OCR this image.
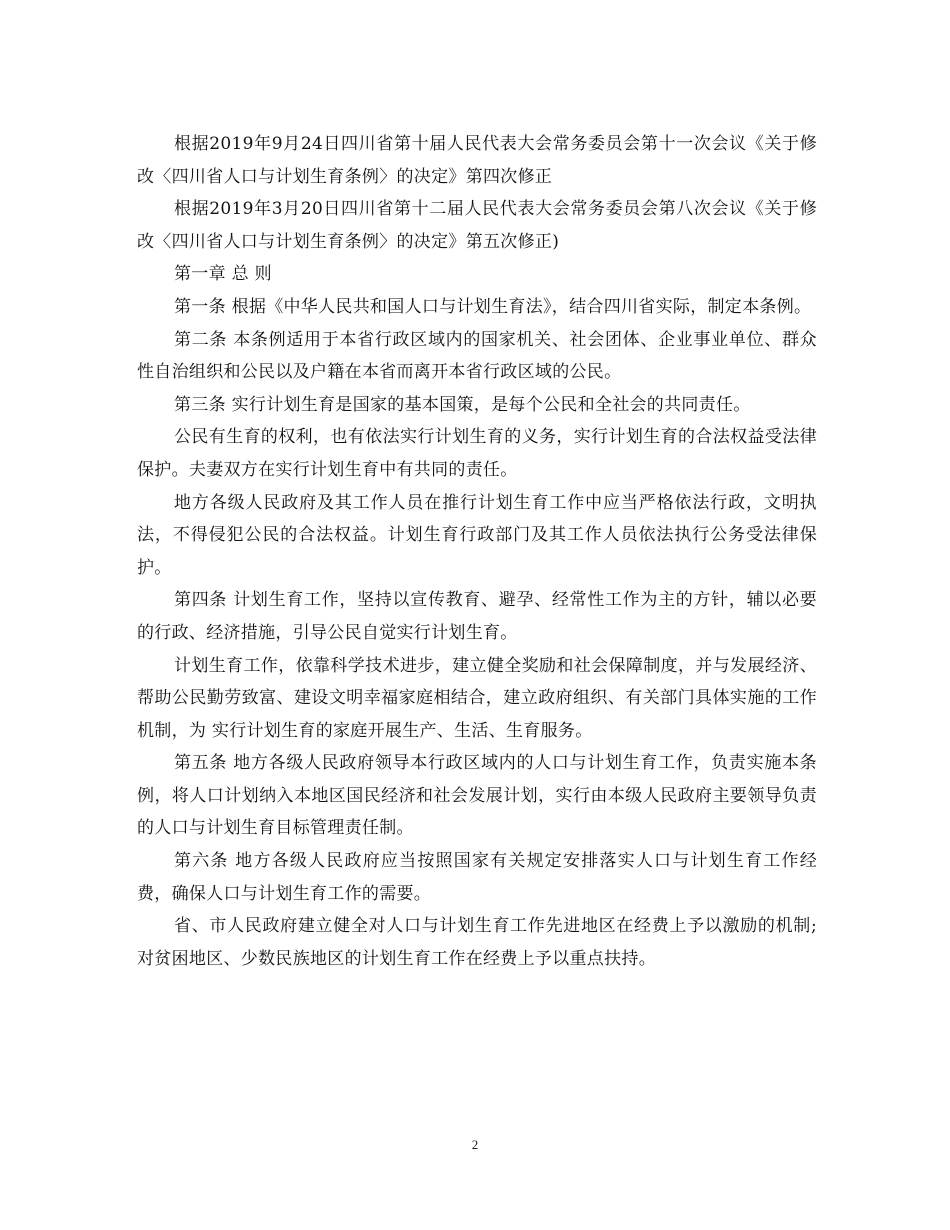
根据2019年9月24日四川省第十届人民代表大会常务委员会第十一次会议《关于修改〈四川省人口与计划生育条例〉的决定》第四次修正

根据2019年3月20日四川省第十二届人民代表大会常务委员会第八次会议《关于修改〈四川省人口与计划生育条例〉的决定》第五次修正)

第一章 总 则

第一条 根据《中华人民共和国人口与计划生育法》，结合四川省实际，制定本条例。

第二条 本条例适用于本省行政区域内的国家机关、社会团体、企业事业单位、群众性自治组织和公民以及户籍在本省而离开本省行政区域的公民。

第三条 实行计划生育是国家的基本国策，是每个公民和全社会的共同责任。

公民有生育的权利，也有依法实行计划生育的义务，实行计划生育的合法权益受法律保护。夫妻双方在实行计划生育中有共同的责任。

地方各级人民政府及其工作人员在推行计划生育工作中应当严格依法行政，文明执法，不得侵犯公民的合法权益。计划生育行政部门及其工作人员依法执行公务受法律保护。

第四条 计划生育工作，坚持以宣传教育、避孕、经常性工作为主的方针，辅以必要的行政、经济措施，引导公民自觉实行计划生育。

计划生育工作，依靠科学技术进步，建立健全奖励和社会保障制度，并与发展经济、帮助公民勤劳致富、建设文明幸福家庭相结合，建立政府组织、有关部门具体实施的工作机制，为 实行计划生育的家庭开展生产、生活、生育服务。

第五条 地方各级人民政府领导本行政区域内的人口与计划生育工作，负责实施本条例，将人口计划纳入本地区国民经济和社会发展计划，实行由本级人民政府主要领导负责的人口与计划生育目标管理责任制。

第六条 地方各级人民政府应当按照国家有关规定安排落实人口与计划生育工作经费，确保人口与计划生育工作的需要。

省、市人民政府建立健全对人口与计划生育工作先进地区在经费上予以激励的机制;对贫困地区、少数民族地区的计划生育工作在经费上予以重点扶持。

2
